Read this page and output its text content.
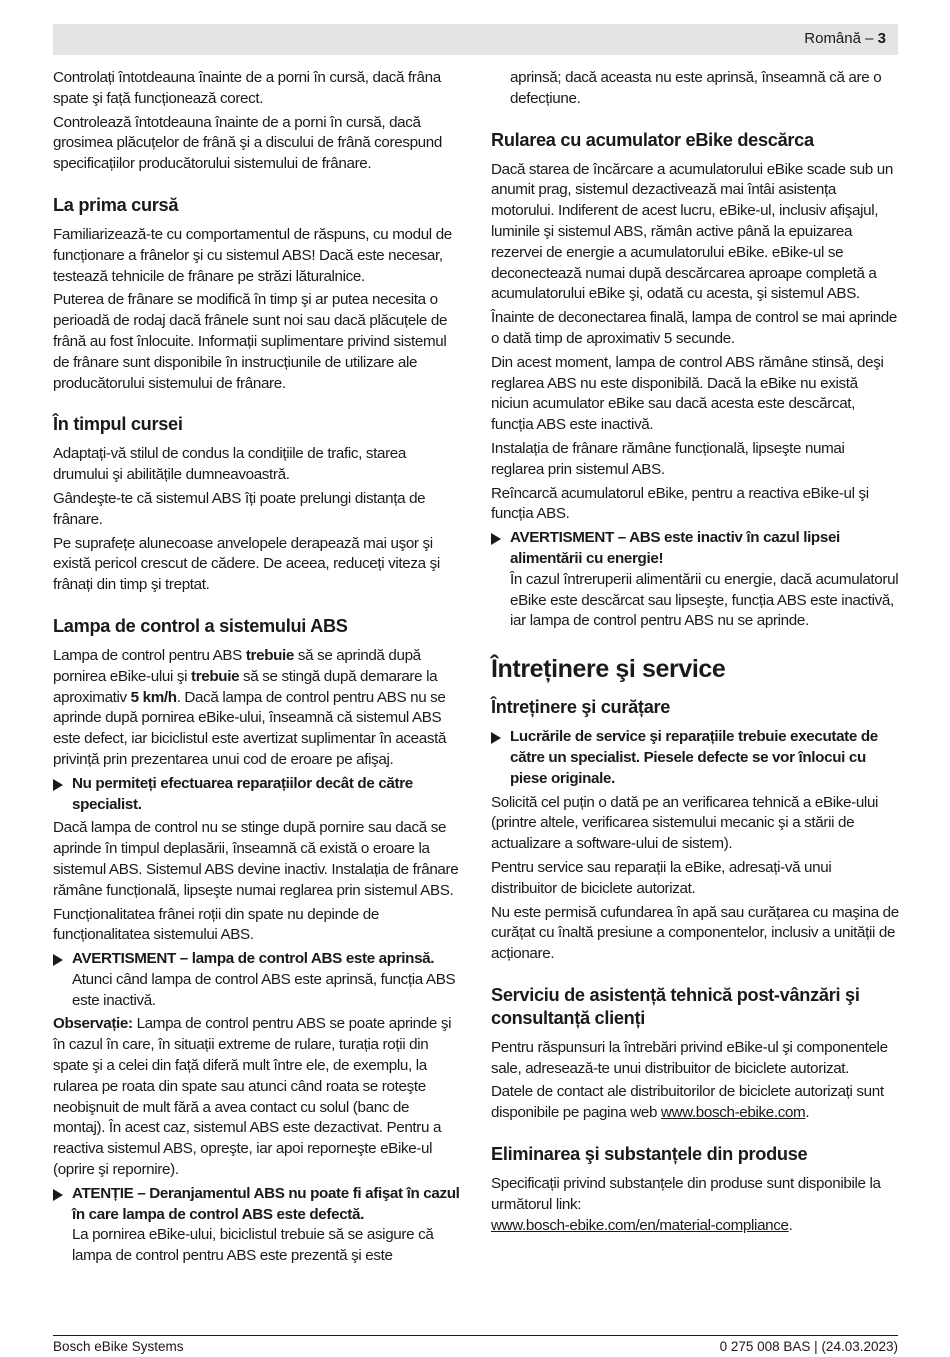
Română – 3

Controlați întotdeauna înainte de a porni în cursă, dacă frâna spate şi față funcționează corect.

Controlează întotdeauna înainte de a porni în cursă, dacă grosimea plăcuțelor de frână şi a discului de frână corespund specificațiilor producătorului sistemului de frânare.

La prima cursă

Familiarizează-te cu comportamentul de răspuns, cu modul de funcționare a frânelor şi cu sistemul ABS! Dacă este necesar, testează tehnicile de frânare pe străzi lăturalnice.

Puterea de frânare se modifică în timp şi ar putea necesita o perioadă de rodaj dacă frânele sunt noi sau dacă plăcuțele de frână au fost înlocuite. Informații suplimentare privind sistemul de frânare sunt disponibile în instrucțiunile de utilizare ale producătorului sistemului de frânare.

În timpul cursei

Adaptați-vă stilul de condus la condițiile de trafic, starea drumului şi abilitățile dumneavoastră.

Gândeşte-te că sistemul ABS îți poate prelungi distanța de frânare.

Pe suprafețe alunecoase anvelopele derapează mai uşor şi există pericol crescut de cădere. De aceea, reduceți viteza şi frânați din timp şi treptat.

Lampa de control a sistemului ABS

Lampa de control pentru ABS trebuie să se aprindă după pornirea eBike-ului şi trebuie să se stingă după demarare la aproximativ 5 km/h. Dacă lampa de control pentru ABS nu se aprinde după pornirea eBike-ului, înseamnă că sistemul ABS este defect, iar biciclistul este avertizat suplimentar în această privință prin prezentarea unui cod de eroare pe afişaj.

Nu permiteți efectuarea reparațiilor decât de către specialist.

Dacă lampa de control nu se stinge după pornire sau dacă se aprinde în timpul deplasării, înseamnă că există o eroare la sistemul ABS. Sistemul ABS devine inactiv. Instalația de frânare rămâne funcțională, lipseşte numai reglarea prin sistemul ABS.

Funcționalitatea frânei roții din spate nu depinde de funcționalitatea sistemului ABS.

AVERTISMENT – lampa de control ABS este aprinsă.
Atunci când lampa de control ABS este aprinsă, funcția ABS este inactivă.

Observație: Lampa de control pentru ABS se poate aprinde şi în cazul în care, în situații extreme de rulare, turația roții din spate şi a celei din față diferă mult între ele, de exemplu, la rularea pe roata din spate sau atunci când roata se roteşte neobişnuit de mult fără a avea contact cu solul (banc de montaj). În acest caz, sistemul ABS este dezactivat. Pentru a reactiva sistemul ABS, opreşte, iar apoi reporneşte eBike-ul (oprire şi repornire).

ATENȚIE – Deranjamentul ABS nu poate fi afişat în cazul în care lampa de control ABS este defectă.
La pornirea eBike-ului, biciclistul trebuie să se asigure că lampa de control pentru ABS este prezentă şi este

aprinsă; dacă aceasta nu este aprinsă, înseamnă că are o defecțiune.

Rularea cu acumulator eBike descărca

Dacă starea de încărcare a acumulatorului eBike scade sub un anumit prag, sistemul dezactivează mai întâi asistența motorului. Indiferent de acest lucru, eBike-ul, inclusiv afişajul, luminile şi sistemul ABS, rămân active până la epuizarea rezervei de energie a acumulatorului eBike. eBike-ul se deconectează numai după descărcarea aproape completă a acumulatorului eBike şi, odată cu acesta, şi sistemul ABS.

Înainte de deconectarea finală, lampa de control se mai aprinde o dată timp de aproximativ 5 secunde.

Din acest moment, lampa de control ABS rămâne stinsă, deşi reglarea ABS nu este disponibilă. Dacă la eBike nu există niciun acumulator eBike sau dacă acesta este descărcat, funcția ABS este inactivă.

Instalația de frânare rămâne funcțională, lipseşte numai reglarea prin sistemul ABS.

Reîncarcă acumulatorul eBike, pentru a reactiva eBike-ul şi funcția ABS.

AVERTISMENT – ABS este inactiv în cazul lipsei alimentării cu energie!
În cazul întreruperii alimentării cu energie, dacă acumulatorul eBike este descărcat sau lipseşte, funcția ABS este inactivă, iar lampa de control pentru ABS nu se aprinde.
Întreținere şi service
Întreținere şi curățare
Lucrările de service şi reparațiile trebuie executate de către un specialist. Piesele defecte se vor înlocui cu piese originale.

Solicită cel puțin o dată pe an verificarea tehnică a eBike-ului (printre altele, verificarea sistemului mecanic şi a stării de actualizare a software-ului de sistem).

Pentru service sau reparații la eBike, adresați-vă unui distribuitor de biciclete autorizat.

Nu este permisă cufundarea în apă sau curățarea cu maşina de curățat cu înaltă presiune a componentelor, inclusiv a unității de acționare.

Serviciu de asistență tehnică post-vânzări şi consultanță clienți

Pentru răspunsuri la întrebări privind eBike-ul şi componentele sale, adresează-te unui distribuitor de biciclete autorizat.

Datele de contact ale distribuitorilor de biciclete autorizați sunt disponibile pe pagina web www.bosch-ebike.com.

Eliminarea şi substanțele din produse

Specificații privind substanțele din produse sunt disponibile la următorul link:
www.bosch-ebike.com/en/material-compliance.

Bosch eBike Systems	0 275 008 BAS | (24.03.2023)
